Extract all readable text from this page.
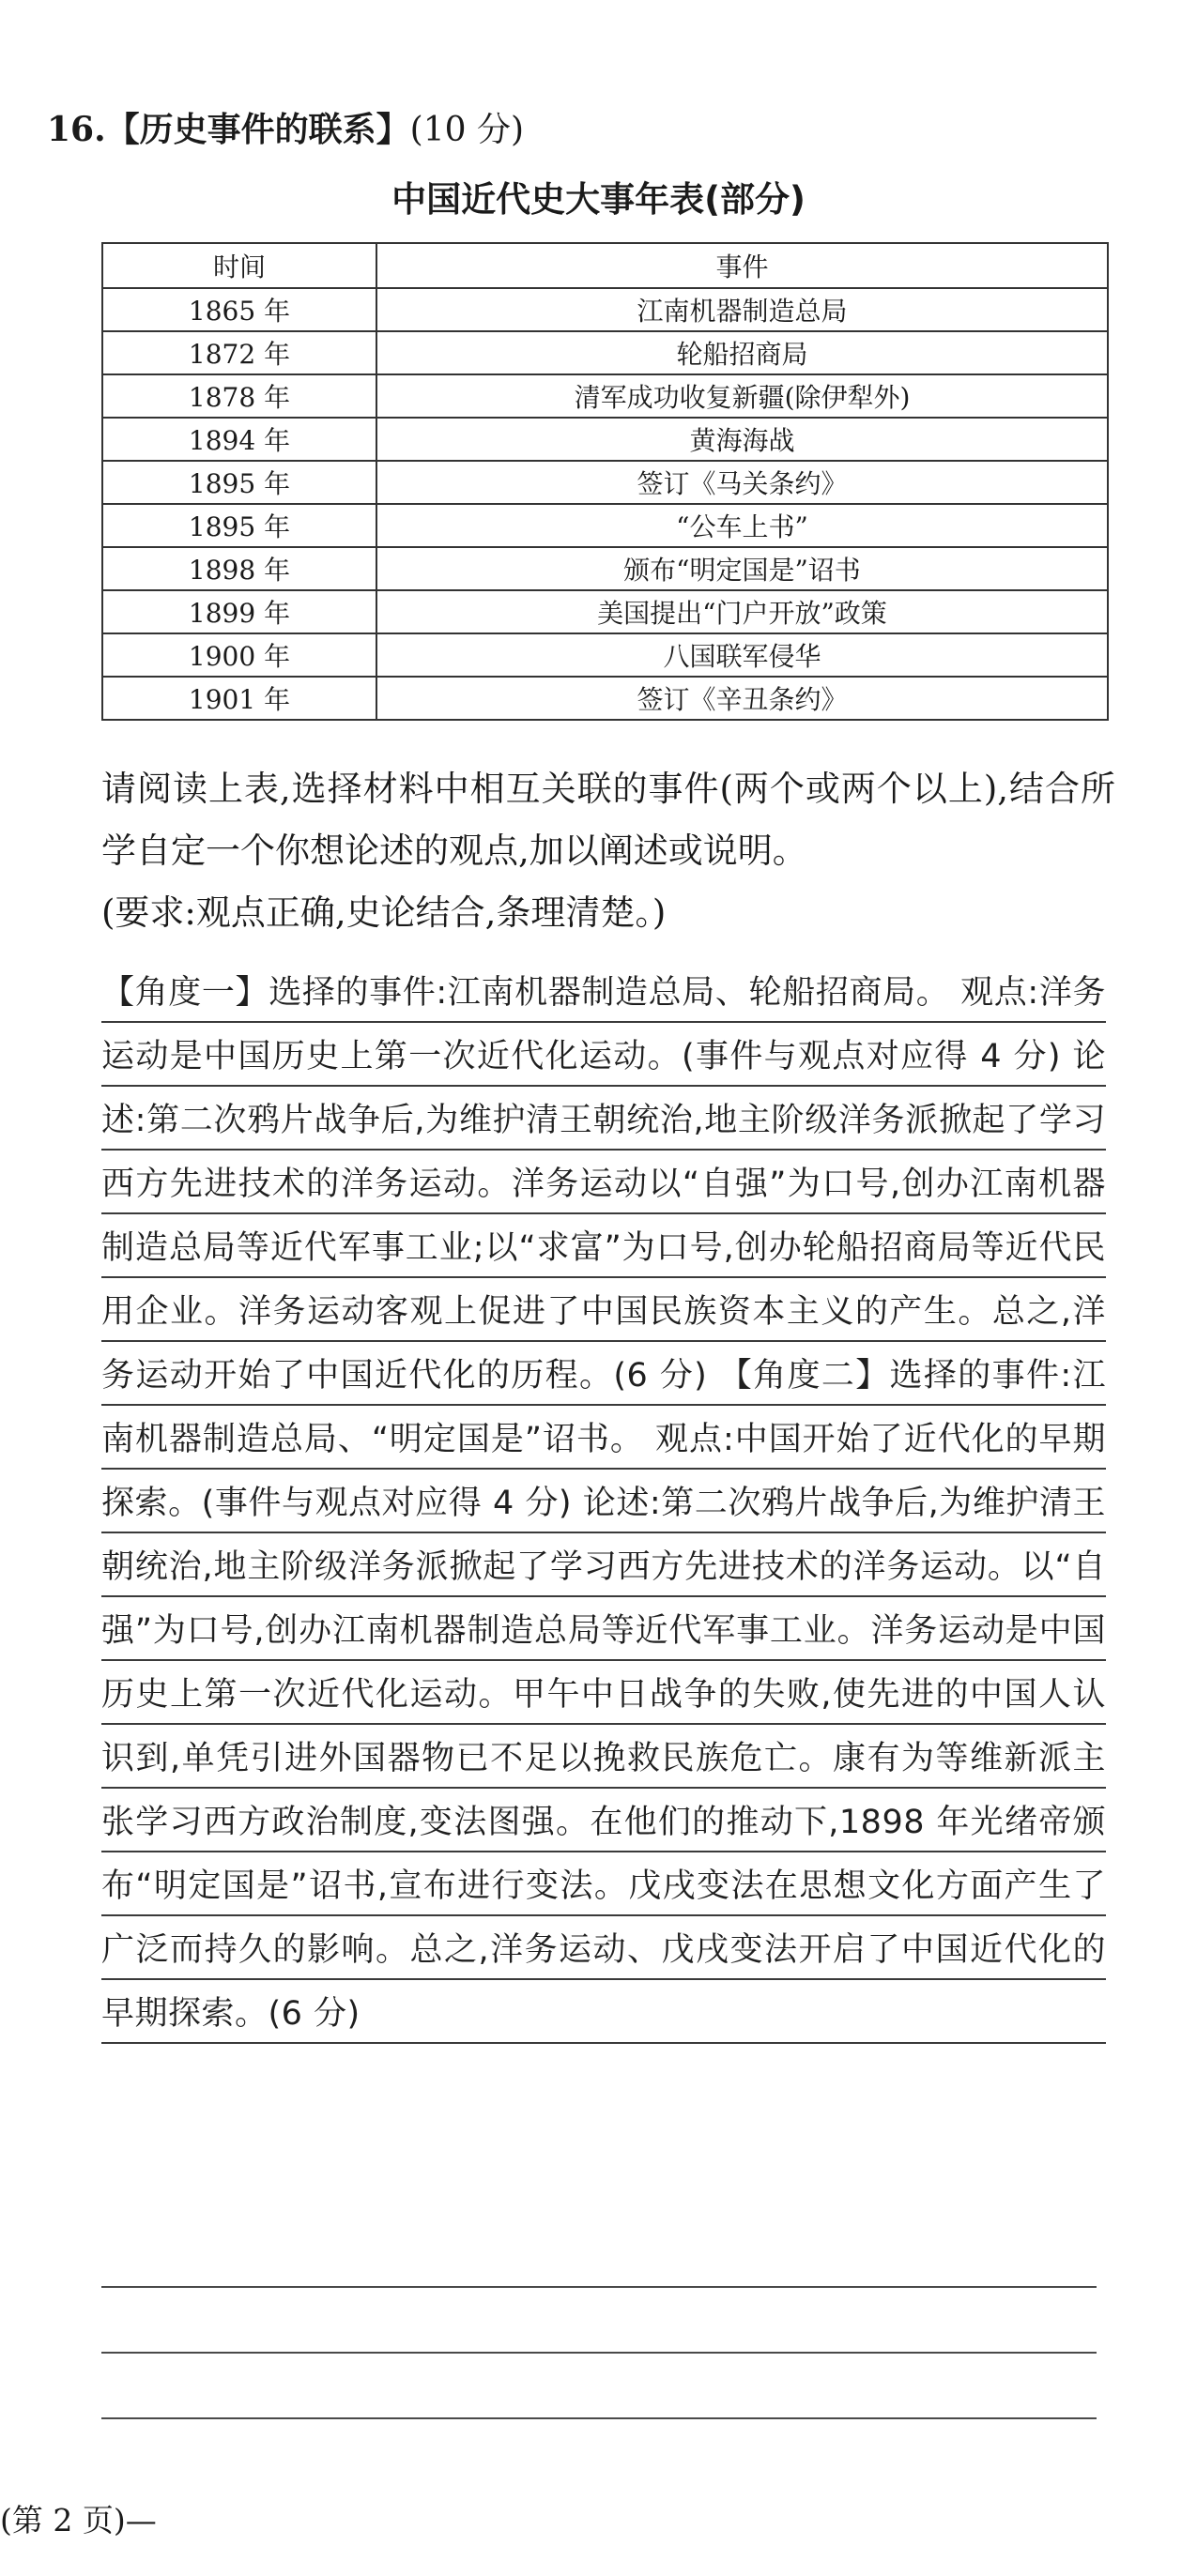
16.【历史事件的联系】(10 分)
中国近代史大事年表(部分)
时间	事件
1865 年	江南机器制造总局
1872 年	轮船招商局
1878 年	清军成功收复新疆(除伊犁外)
1894 年	黄海海战
1895 年	签订《马关条约》
1895 年	“公车上书”
1898 年	颁布“明定国是”诏书
1899 年	美国提出“门户开放”政策
1900 年	八国联军侵华
1901 年	签订《辛丑条约》

请阅读上表,选择材料中相互关联的事件(两个或两个以上),结合所学自定一个你想论述的观点,加以阐述或说明。

(要求:观点正确,史论结合,条理清楚。)

【角度一】选择的事件:江南机器制造总局、轮船招商局。 观点:洋务运动是中国历史上第一次近代化运动。(事件与观点对应得 4 分) 论述:第二次鸦片战争后,为维护清王朝统治,地主阶级洋务派掀起了学习西方先进技术的洋务运动。洋务运动以“自强”为口号,创办江南机器制造总局等近代军事工业;以“求富”为口号,创办轮船招商局等近代民用企业。洋务运动客观上促进了中国民族资本主义的产生。总之,洋务运动开始了中国近代化的历程。(6 分) 【角度二】选择的事件:江南机器制造总局、“明定国是”诏书。 观点:中国开始了近代化的早期探索。(事件与观点对应得 4 分) 论述:第二次鸦片战争后,为维护清王朝统治,地主阶级洋务派掀起了学习西方先进技术的洋务运动。以“自强”为口号,创办江南机器制造总局等近代军事工业。洋务运动是中国历史上第一次近代化运动。甲午中日战争的失败,使先进的中国人认识到,单凭引进外国器物已不足以挽救民族危亡。康有为等维新派主张学习西方政治制度,变法图强。在他们的推动下,1898 年光绪帝颁布“明定国是”诏书,宣布进行变法。戊戌变法在思想文化方面产生了广泛而持久的影响。总之,洋务运动、戊戌变法开启了中国近代化的早期探索。(6 分)
(第 2 页)—
